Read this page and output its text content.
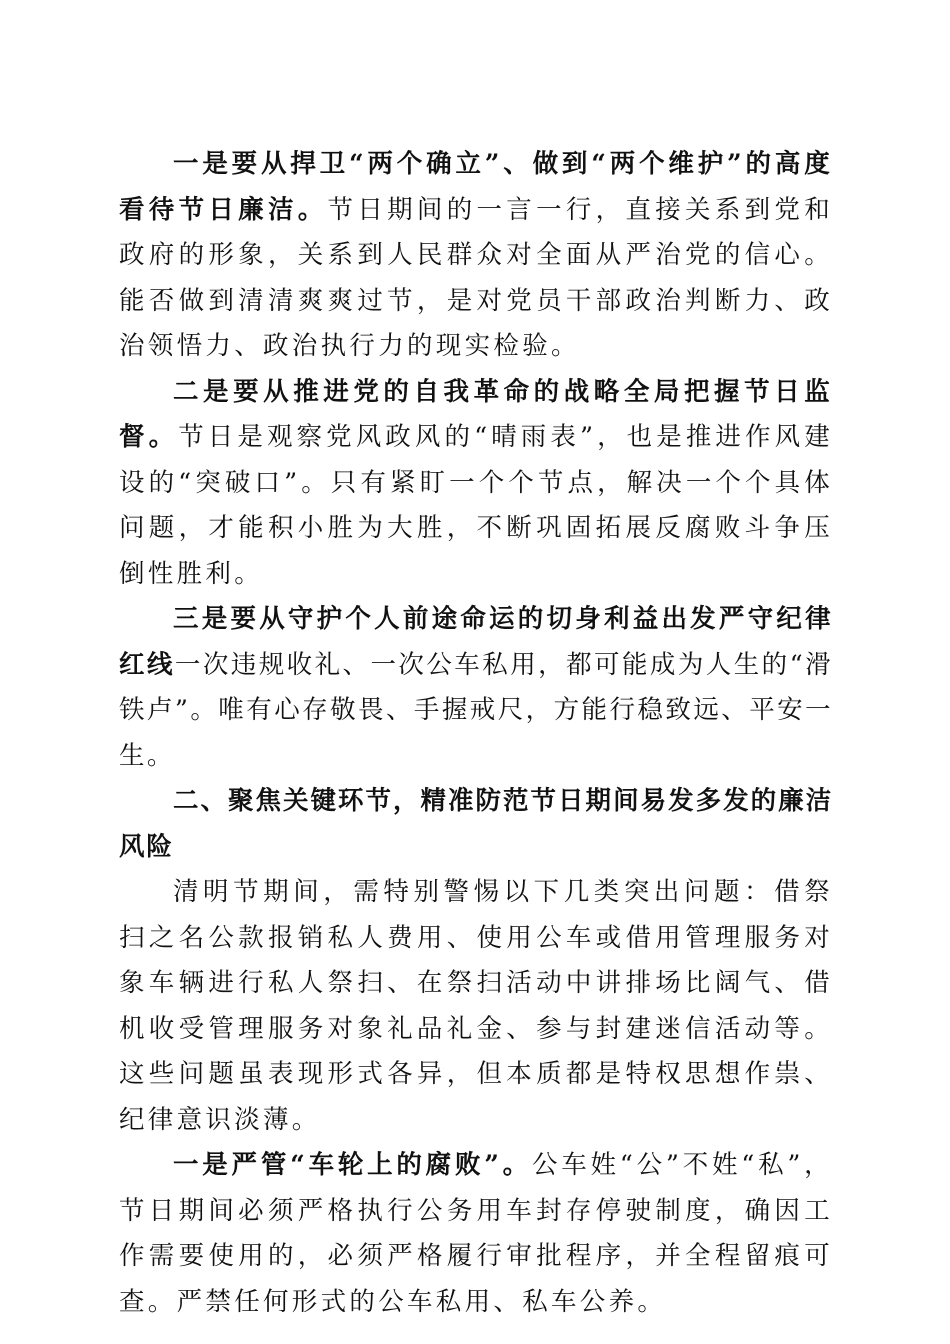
一是要从捍卫“两个确立”、做到“两个维护”的高度看待节日廉洁。节日期间的一言一行，直接关系到党和政府的形象，关系到人民群众对全面从严治党的信心。能否做到清清爽爽过节，是对党员干部政治判断力、政治领悟力、政治执行力的现实检验。

二是要从推进党的自我革命的战略全局把握节日监督。节日是观察党风政风的“晴雨表”，也是推进作风建设的“突破口”。只有紧盯一个个节点，解决一个个具体问题，才能积小胜为大胜，不断巩固拓展反腐败斗争压倒性胜利。

三是要从守护个人前途命运的切身利益出发严守纪律红线一次违规收礼、一次公车私用，都可能成为人生的“滑铁卢”。唯有心存敬畏、手握戒尺，方能行稳致远、平安一生。

二、聚焦关键环节，精准防范节日期间易发多发的廉洁风险

清明节期间，需特别警惕以下几类突出问题：借祭扫之名公款报销私人费用、使用公车或借用管理服务对象车辆进行私人祭扫、在祭扫活动中讲排场比阔气、借机收受管理服务对象礼品礼金、参与封建迷信活动等。这些问题虽表现形式各异，但本质都是特权思想作祟、纪律意识淡薄。

一是严管“车轮上的腐败”。公车姓“公”不姓“私”，节日期间必须严格执行公务用车封存停驶制度，确因工作需要使用的，必须严格履行审批程序，并全程留痕可查。严禁任何形式的公车私用、私车公养。
